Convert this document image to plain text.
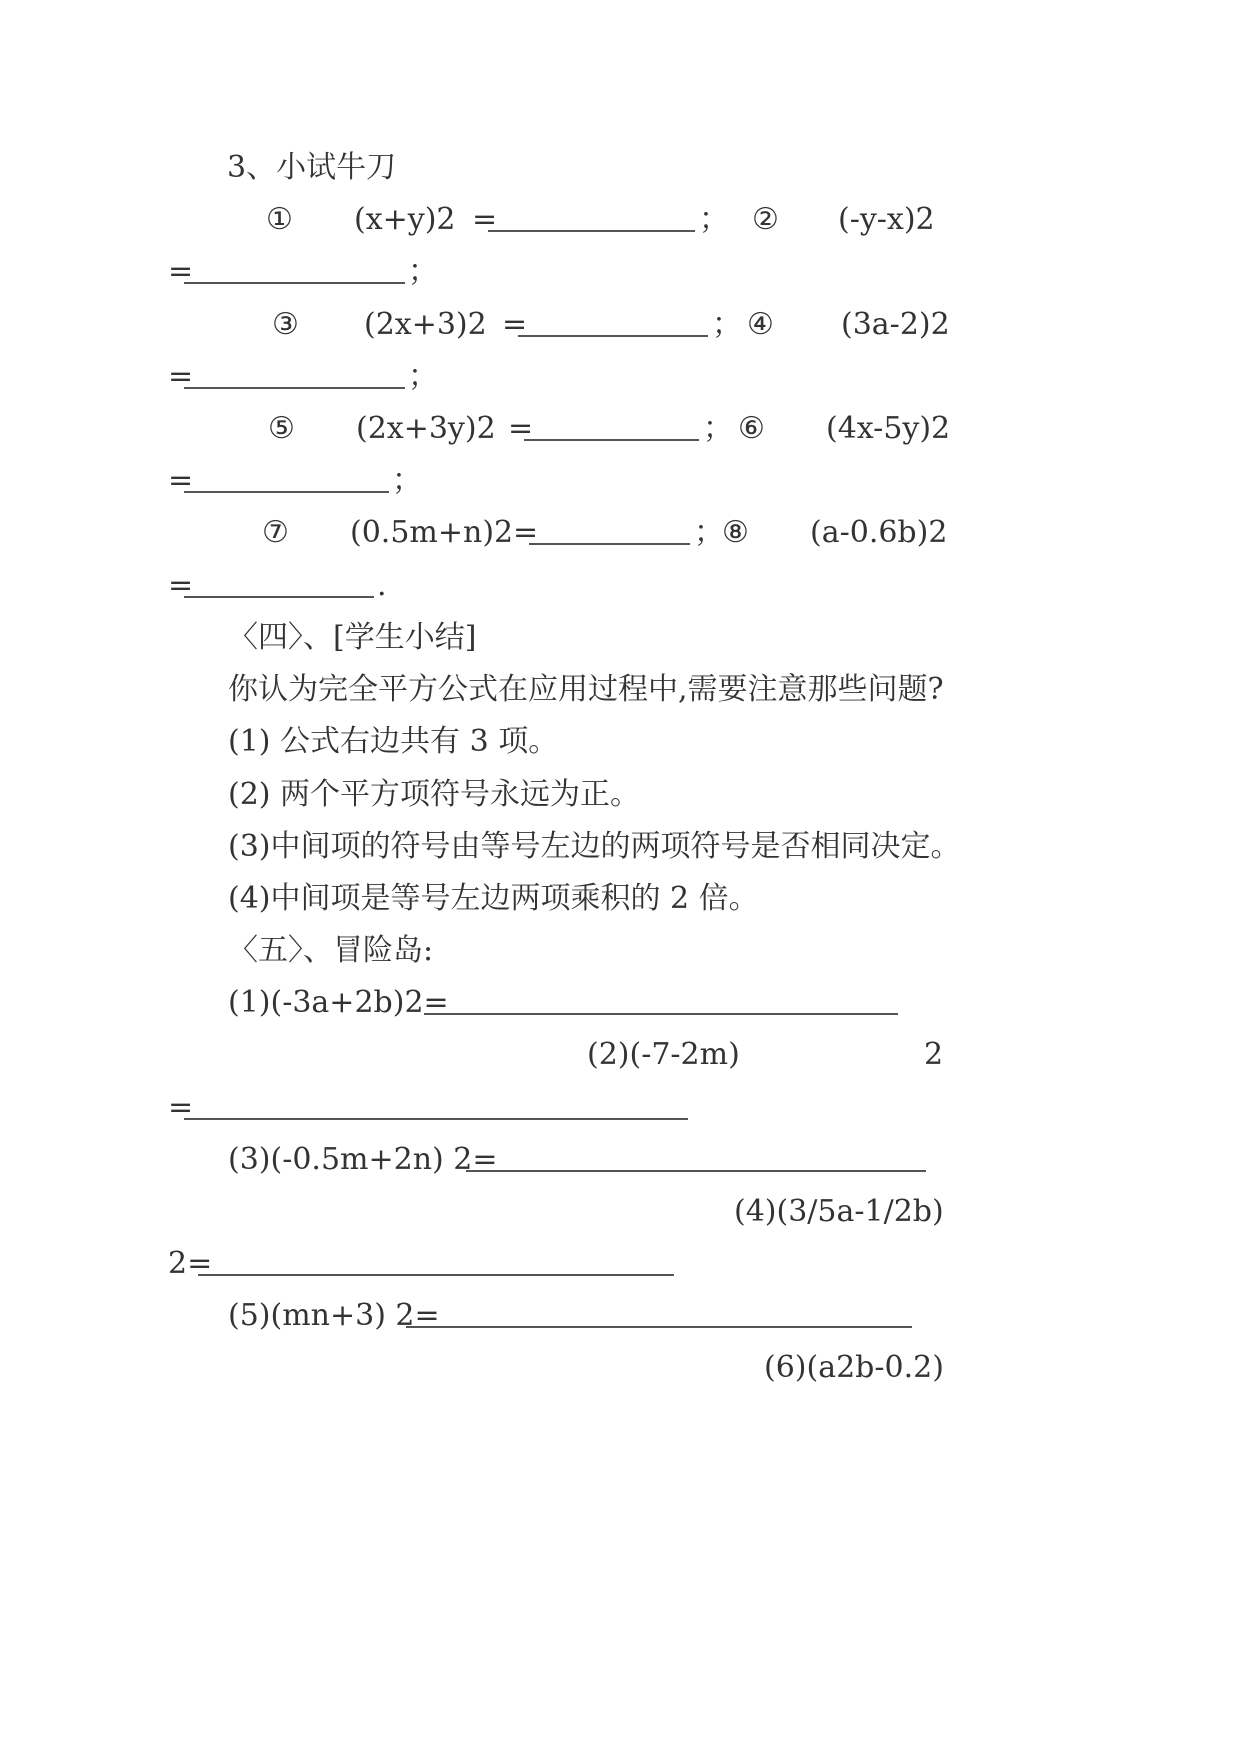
3、小试牛刀
① (x+y)2 =	； ② (-y-x)2
=	；
③ (2x+3)2 =	； ④ (3a-2)2
=	；
⑤ (2x+3y)2 =	； ⑥ (4x-5y)2
=	；
⑦ (0.5m+n)2 =	；
⑧ (a-0.6b)2
=	.
〈四〉、[学生小结]
你认为完全平方公式在应用过程中,需要注意那些问题?
(1) 公式右边共有 3 项。
(2) 两个平方项符号永远为正。
(3)中间项的符号由等号左边的两项符号是否相同决定。
(4)中间项是等号左边两项乘积的 2 倍。
〈五〉、冒险岛:
(1)(-3a+2b)2=
(2)(-7-2m)	2
=
(3)(-0.5m+2n) 2=
(4)(3/5a-1/2b)
2=
(5)(mn+3) 2=
(6)(a2b-0.2)
